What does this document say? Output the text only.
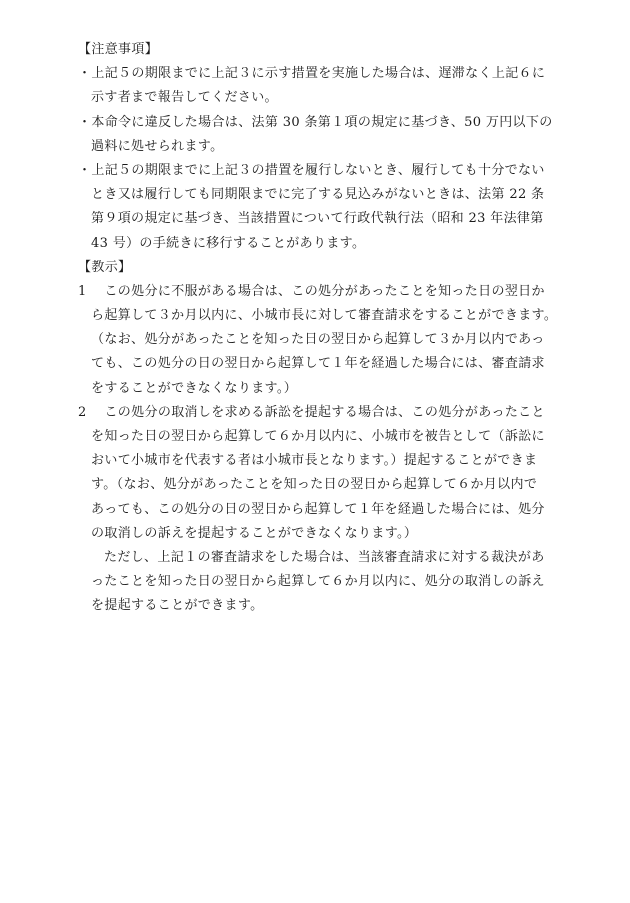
【注意事項】
・上記５の期限までに上記３に示す措置を実施した場合は、遅滞なく上記６に
示す者まで報告してください。
・本命令に違反した場合は、法第 30 条第１項の規定に基づき、50 万円以下の
過料に処せられます。
・上記５の期限までに上記３の措置を履行しないとき、履行しても十分でない
とき又は履行しても同期限までに完了する見込みがないときは、法第 22 条
第９項の規定に基づき、当該措置について行政代執行法（昭和 23 年法律第
43 号）の手続きに移行することがあります。
【教示】
1　 この処分に不服がある場合は、この処分があったことを知った日の翌日か
ら起算して３か月以内に、小城市長に対して審査請求をすることができます。
（なお、処分があったことを知った日の翌日から起算して３か月以内であっ
ても、この処分の日の翌日から起算して１年を経過した場合には、審査請求
をすることができなくなります。）
2　 この処分の取消しを求める訴訟を提起する場合は、この処分があったこと
を知った日の翌日から起算して６か月以内に、小城市を被告として（訴訟に
おいて小城市を代表する者は小城市長となります。）提起することができま
す。（なお、処分があったことを知った日の翌日から起算して６か月以内で
あっても、この処分の日の翌日から起算して１年を経過した場合には、処分
の取消しの訴えを提起することができなくなります。）
ただし、上記１の審査請求をした場合は、当該審査請求に対する裁決があ
ったことを知った日の翌日から起算して６か月以内に、処分の取消しの訴え
を提起することができます。
